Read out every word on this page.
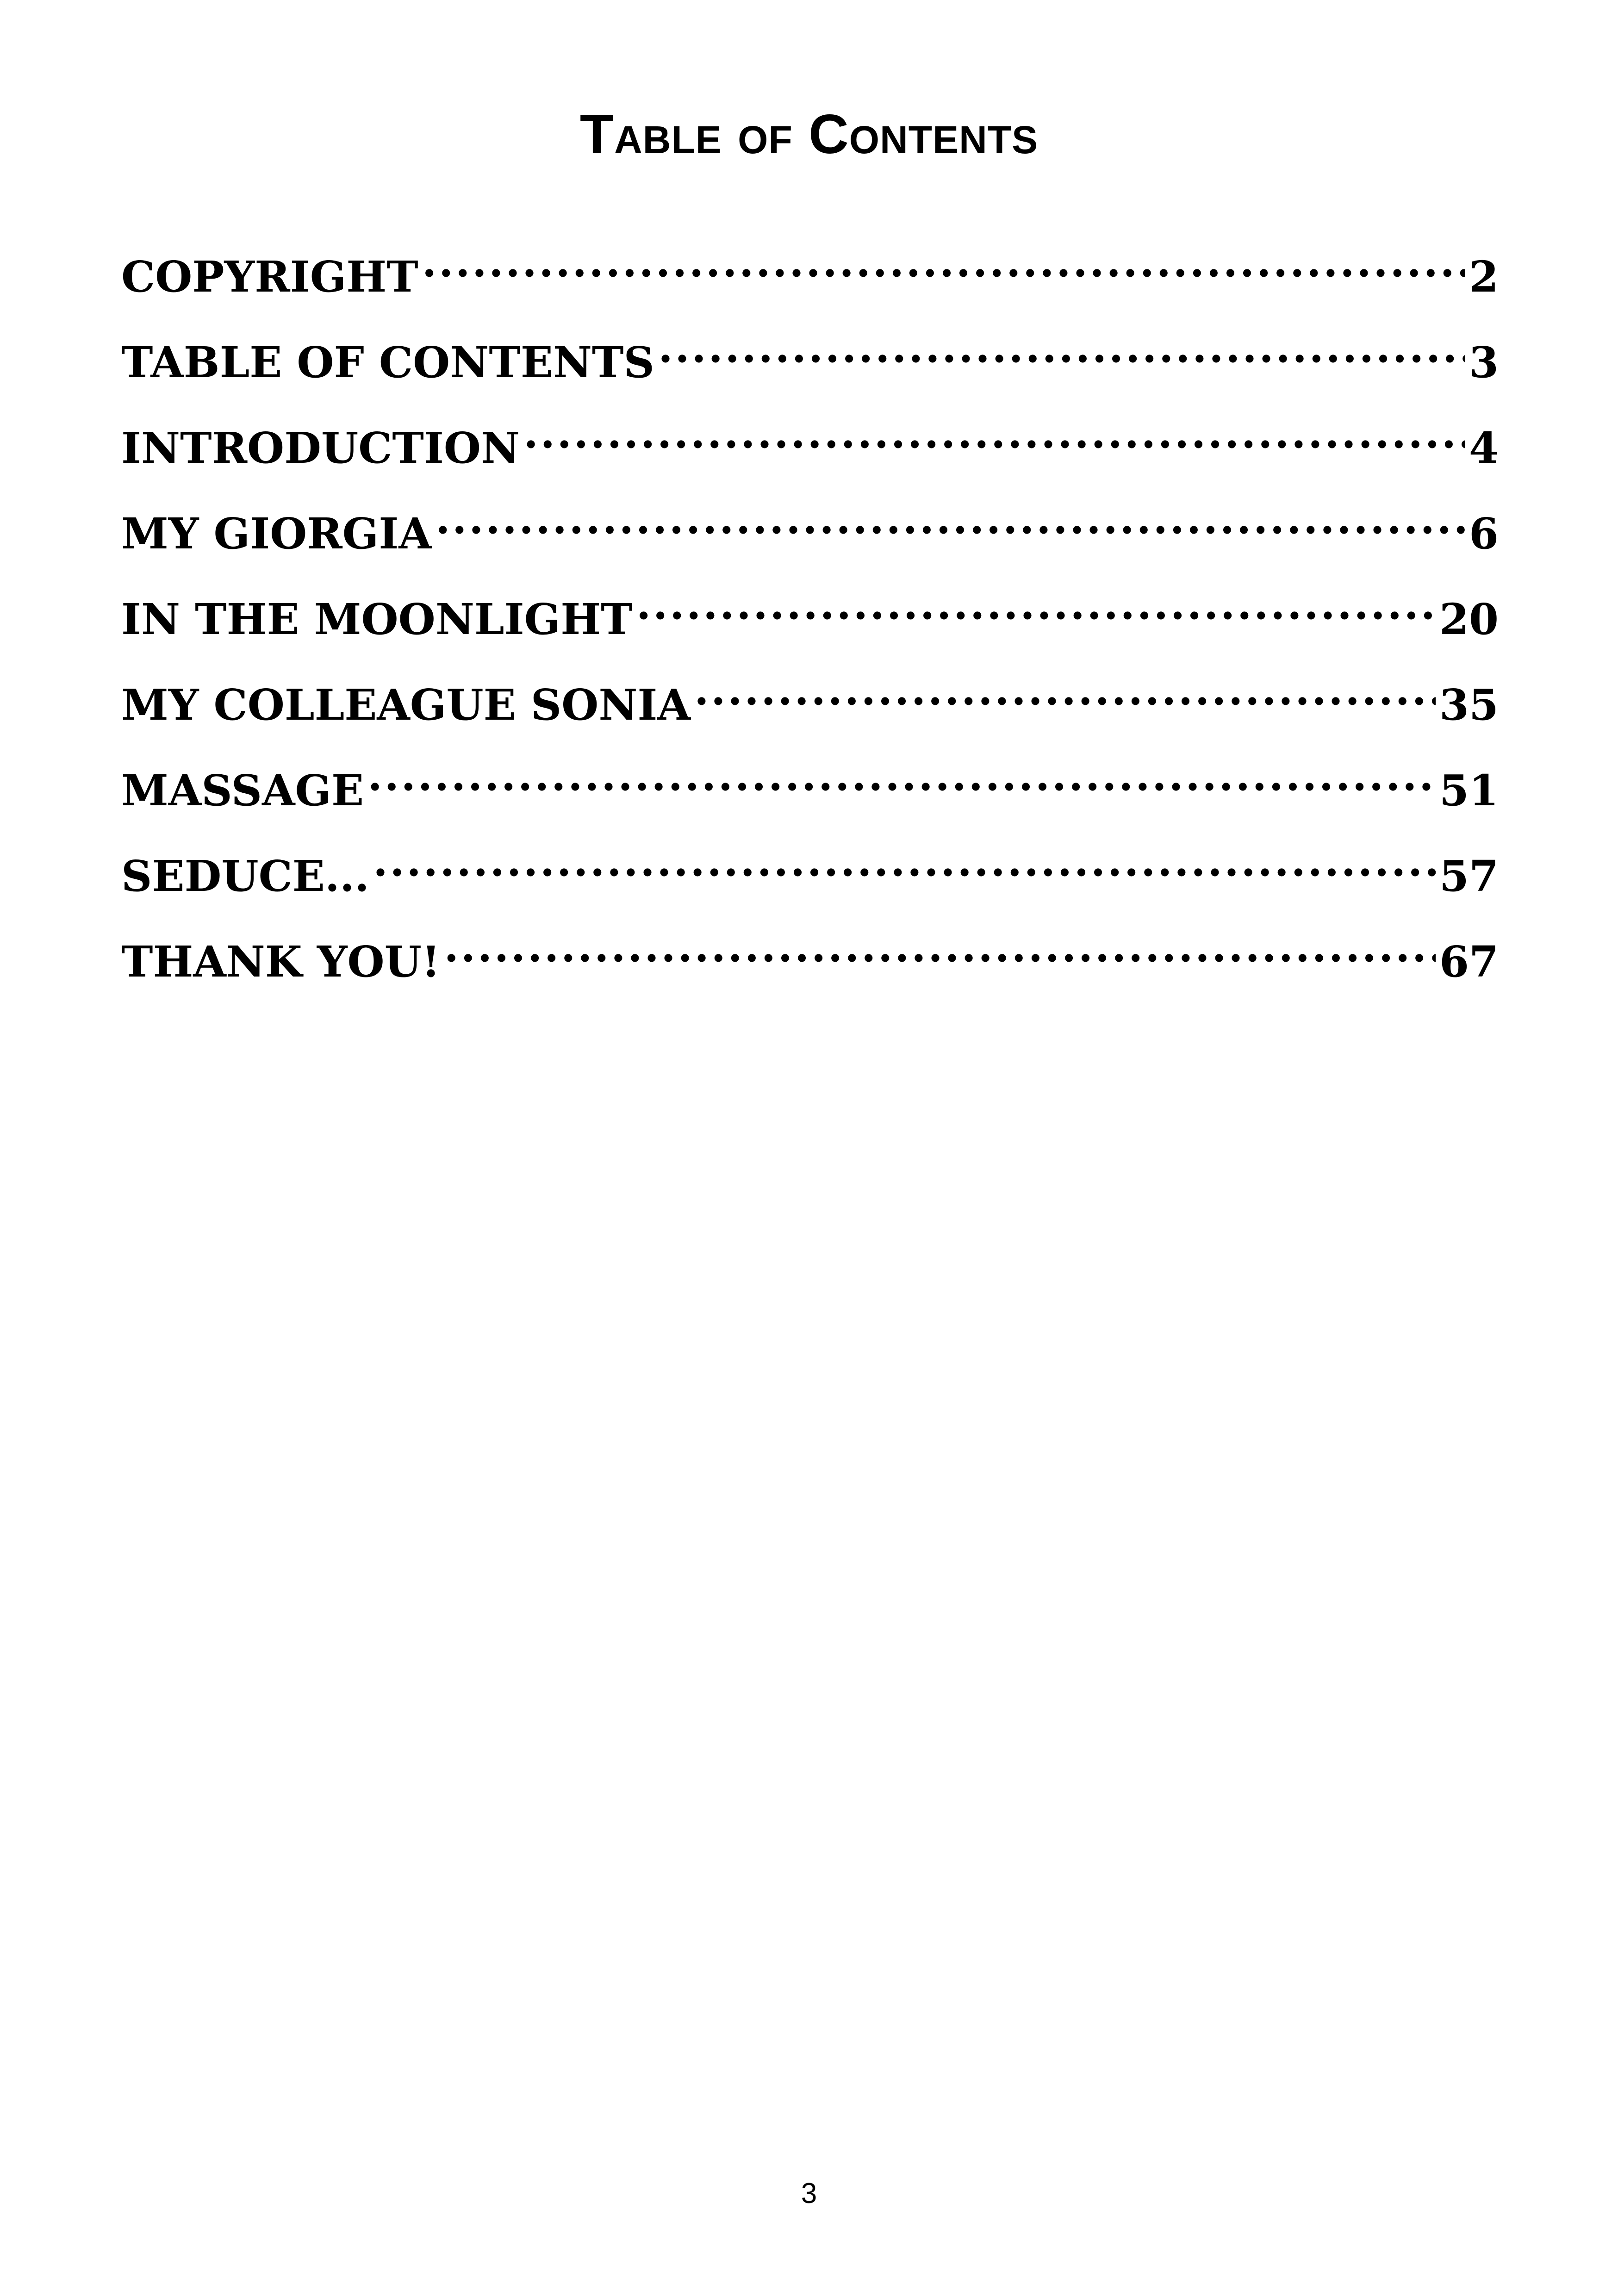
Table of Contents
COPYRIGHT . . .	2
TABLE OF CONTENTS . . .	3
INTRODUCTION . . .	4
MY GIORGIA . . .	6
IN THE MOONLIGHT . . .	20
MY COLLEAGUE SONIA . . .	35
MASSAGE . . .	51
SEDUCE... . . .	57
THANK YOU! . . .	67
3
